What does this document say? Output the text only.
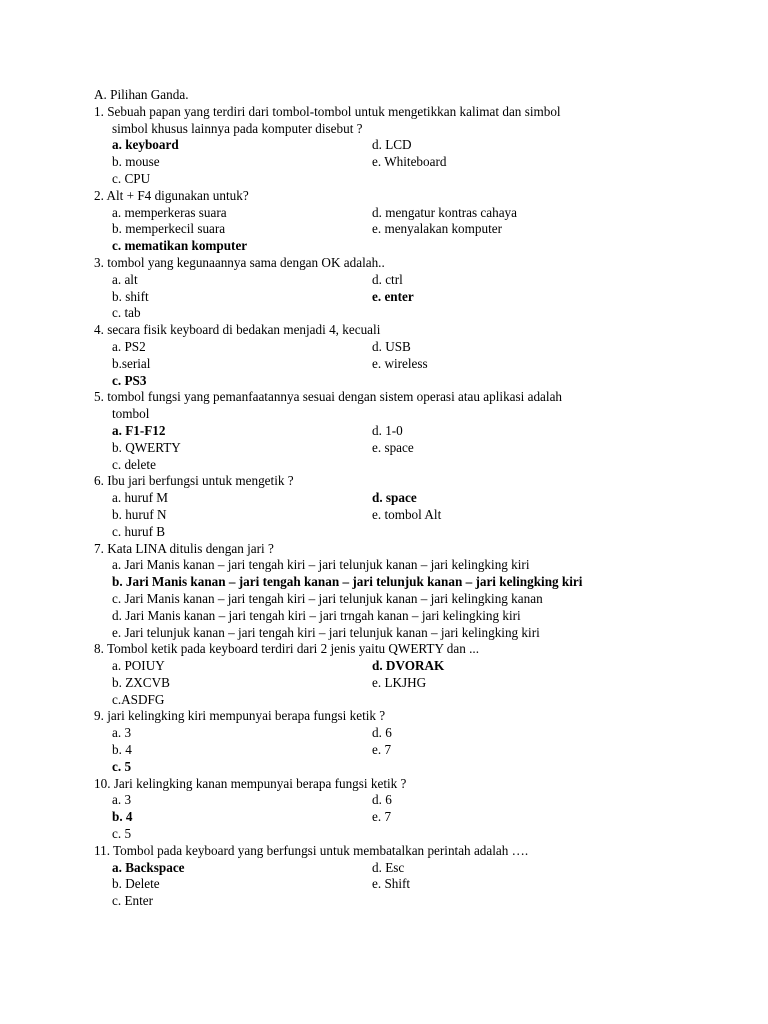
A. Pilihan Ganda.
1. Sebuah papan yang terdiri dari tombol-tombol untuk mengetikkan kalimat dan simbol
simbol khusus lainnya pada komputer disebut ?
a. keyboard	d. LCD
b. mouse	e. Whiteboard
c. CPU
2. Alt + F4 digunakan untuk?
a. memperkeras suara	d. mengatur kontras cahaya
b. memperkecil suara	e. menyalakan komputer
c. mematikan komputer
3. tombol yang kegunaannya sama dengan OK adalah..
a. alt	d. ctrl
b. shift	e. enter
c. tab
4. secara fisik keyboard di bedakan menjadi 4, kecuali
a. PS2	d. USB
b.serial	e. wireless
c. PS3
5. tombol fungsi yang pemanfaatannya sesuai dengan sistem operasi atau aplikasi adalah
tombol
a. F1-F12	d. 1-0
b. QWERTY	e. space
c. delete
6. Ibu jari berfungsi untuk mengetik ?
a. huruf M	d. space
b. huruf N	e. tombol Alt
c. huruf B
7. Kata LINA ditulis dengan jari ?
a. Jari Manis kanan – jari tengah kiri – jari telunjuk kanan – jari kelingking kiri
b. Jari Manis kanan – jari tengah kanan – jari telunjuk kanan – jari kelingking kiri
c. Jari Manis kanan – jari tengah kiri – jari telunjuk kanan – jari kelingking kanan
d. Jari Manis kanan – jari tengah kiri – jari trngah kanan – jari kelingking kiri
e. Jari telunjuk kanan – jari tengah kiri – jari telunjuk kanan – jari kelingking kiri
8. Tombol ketik pada keyboard terdiri dari 2 jenis yaitu QWERTY dan ...
a. POIUY	d. DVORAK
b. ZXCVB	e. LKJHG
c.ASDFG
9. jari kelingking kiri mempunyai berapa fungsi ketik ?
a. 3	d. 6
b. 4	e. 7
c. 5
10. Jari kelingking kanan mempunyai berapa fungsi ketik ?
a. 3	d. 6
b. 4	e. 7
c. 5
11. Tombol pada keyboard yang berfungsi untuk membatalkan perintah adalah ….
a. Backspace	d. Esc
b. Delete	e. Shift
c. Enter
